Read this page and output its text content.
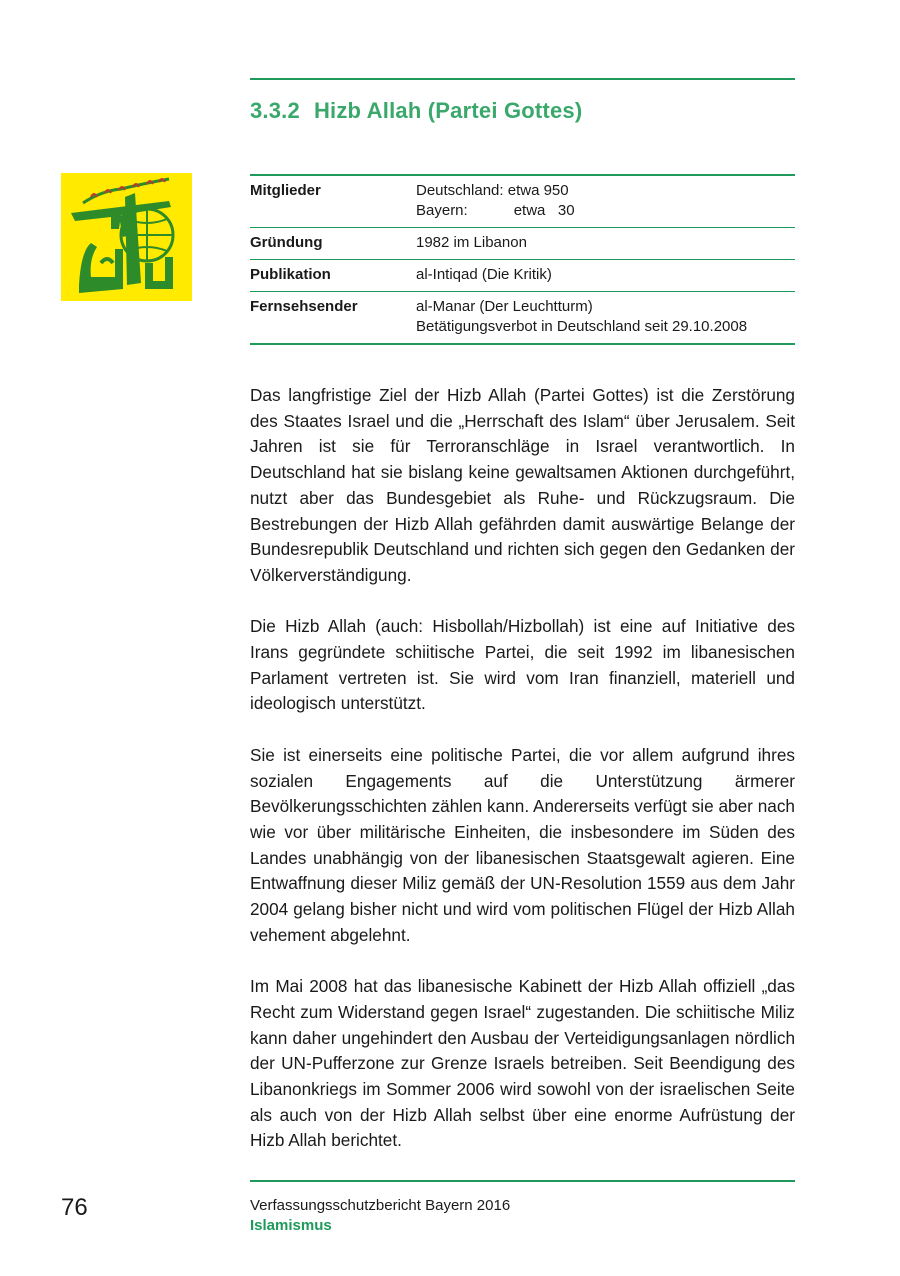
3.3.2 Hizb Allah (Partei Gottes)
Mitglieder	Deutschland: etwa 950
Bayern: etwa   30

Gründung	1982 im Libanon
Publikation	al-Intiqad (Die Kritik)
Fernsehsender	al-Manar (Der Leuchtturm)
Betätigungsverbot in Deutschland seit 29.10.2008

Das langfristige Ziel der Hizb Allah (Partei Gottes) ist die Zerstörung des Staates Israel und die „Herrschaft des Islam“ über Jerusalem. Seit Jahren ist sie für Terroranschläge in Israel verantwortlich. In Deutschland hat sie bislang keine gewaltsamen Aktionen durchgeführt, nutzt aber das Bundesgebiet als Ruhe- und Rückzugsraum. Die Bestrebungen der Hizb Allah gefährden damit auswärtige Belange der Bundesrepublik Deutschland und richten sich gegen den Gedanken der Völkerverständigung.

Die Hizb Allah (auch: Hisbollah/Hizbollah) ist eine auf Initiative des Irans gegründete schiitische Partei, die seit 1992 im libanesischen Parlament vertreten ist. Sie wird vom Iran finanziell, materiell und ideologisch unterstützt.

Sie ist einerseits eine politische Partei, die vor allem aufgrund ihres sozialen Engagements auf die Unterstützung ärmerer Bevölkerungsschichten zählen kann. Andererseits verfügt sie aber nach wie vor über militärische Einheiten, die insbesondere im Süden des Landes unabhängig von der libanesischen Staatsgewalt agieren. Eine Entwaffnung dieser Miliz gemäß der UN-Resolution 1559 aus dem Jahr 2004 gelang bisher nicht und wird vom politischen Flügel der Hizb Allah vehement abgelehnt.

Im Mai 2008 hat das libanesische Kabinett der Hizb Allah offiziell „das Recht zum Widerstand gegen Israel“ zugestanden. Die schiitische Miliz kann daher ungehindert den Ausbau der Verteidigungsanlagen nördlich der UN-Pufferzone zur Grenze Israels betreiben. Seit Beendigung des Libanonkriegs im Sommer 2006 wird sowohl von der israelischen Seite als auch von der Hizb Allah selbst über eine enorme Aufrüstung der Hizb Allah berichtet.

76	Verfassungsschutzbericht Bayern 2016
Islamismus
